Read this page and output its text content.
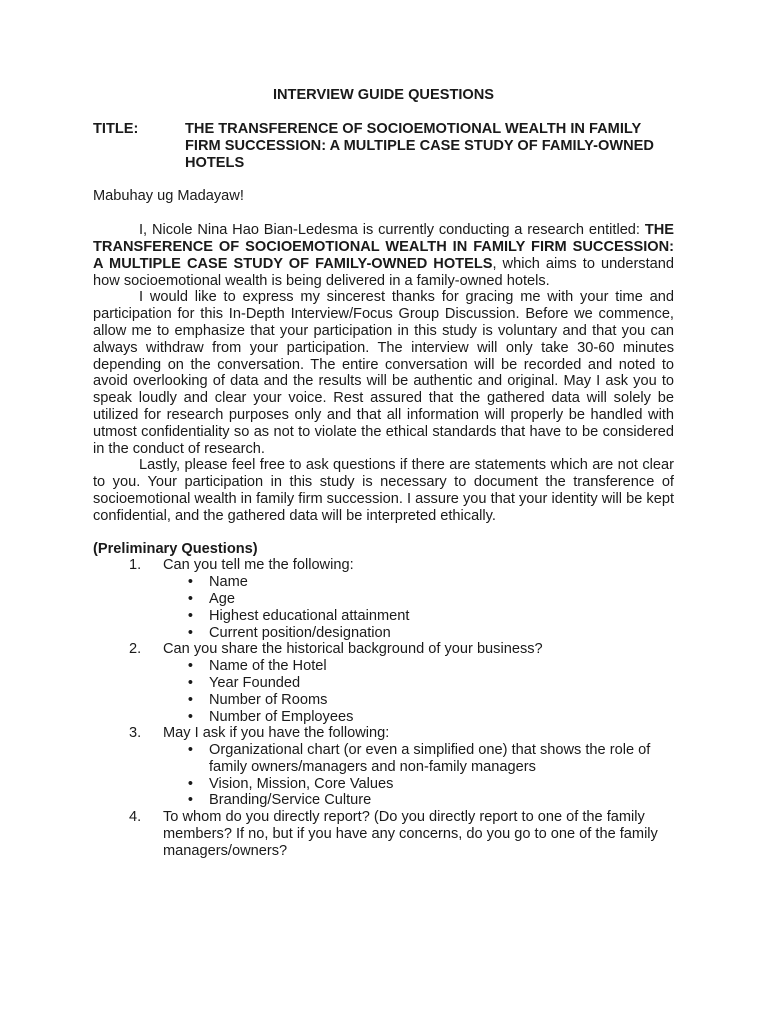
INTERVIEW GUIDE QUESTIONS

TITLE:	THE TRANSFERENCE OF SOCIOEMOTIONAL WEALTH IN FAMILY FIRM SUCCESSION: A MULTIPLE CASE STUDY OF FAMILY-OWNED HOTELS
Mabuhay ug Madayaw!

I, Nicole Nina Hao Bian-Ledesma is currently conducting a research entitled: THE TRANSFERENCE OF SOCIOEMOTIONAL WEALTH IN FAMILY FIRM SUCCESSION: A MULTIPLE CASE STUDY OF FAMILY-OWNED HOTELS, which aims to understand how socioemotional wealth is being delivered in a family-owned hotels.

I would like to express my sincerest thanks for gracing me with your time and participation for this In-Depth Interview/Focus Group Discussion. Before we commence, allow me to emphasize that your participation in this study is voluntary and that you can always withdraw from your participation. The interview will only take 30-60 minutes depending on the conversation. The entire conversation will be recorded and noted to avoid overlooking of data and the results will be authentic and original. May I ask you to speak loudly and clear your voice. Rest assured that the gathered data will solely be utilized for research purposes only and that all information will properly be handled with utmost confidentiality so as not to violate the ethical standards that have to be considered in the conduct of research.

Lastly, please feel free to ask questions if there are statements which are not clear to you. Your participation in this study is necessary to document the transference of socioemotional wealth in family firm succession. I assure you that your identity will be kept confidential, and the gathered data will be interpreted ethically.

(Preliminary Questions)
1.	Can you tell me the following:
•	Name
•	Age
•	Highest educational attainment
•	Current position/designation
2.	Can you share the historical background of your business?
•	Name of the Hotel
•	Year Founded
•	Number of Rooms
•	Number of Employees
3.	May I ask if you have the following:
•	Organizational chart (or even a simplified one) that shows the role of family owners/managers and non-family managers
•	Vision, Mission, Core Values
•	Branding/Service Culture
4.	To whom do you directly report? (Do you directly report to one of the family members? If no, but if you have any concerns, do you go to one of the family managers/owners?
